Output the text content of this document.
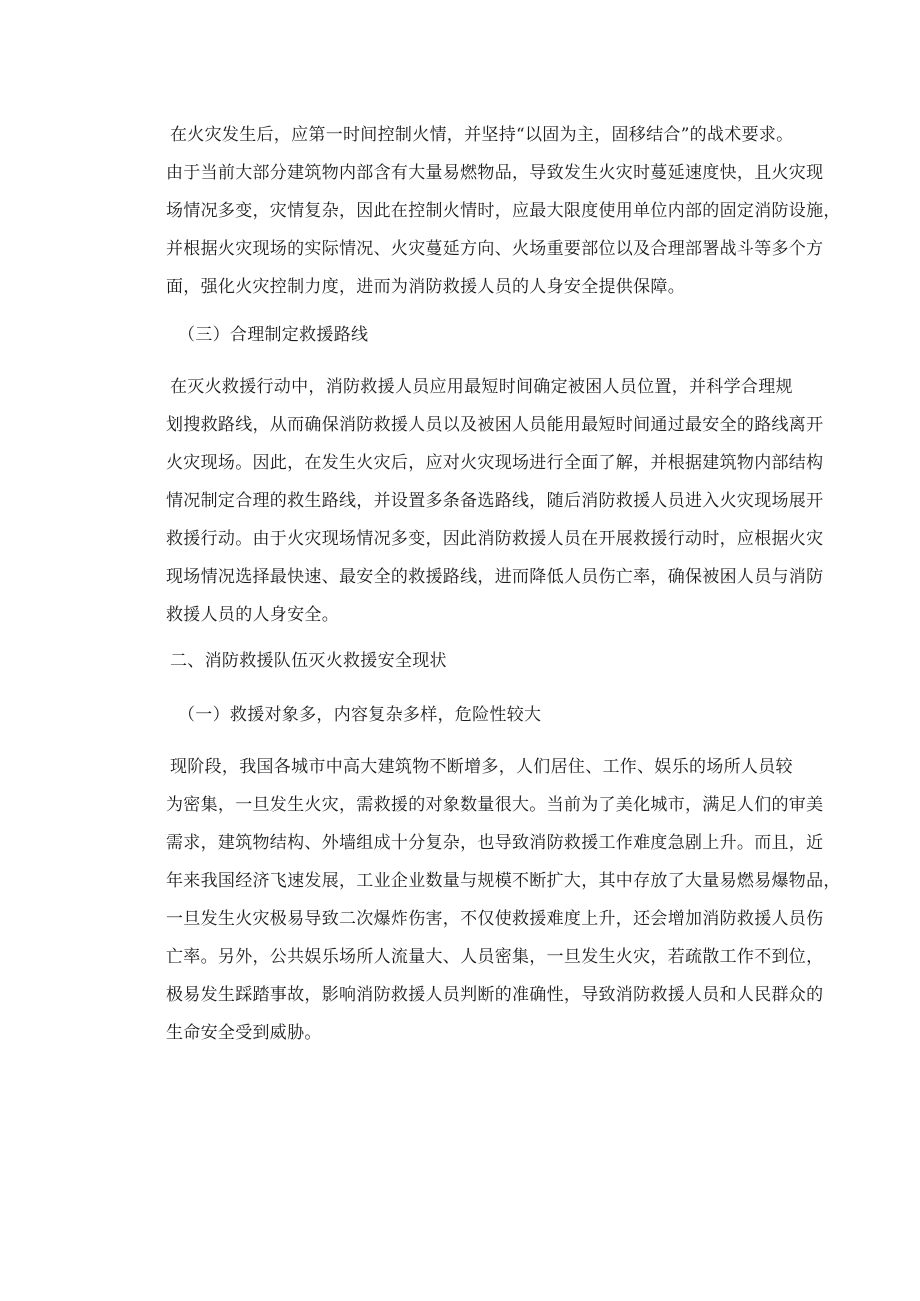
在火灾发生后，应第一时间控制火情，并坚持“以固为主，固移结合”的战术要求。
由于当前大部分建筑物内部含有大量易燃物品，导致发生火灾时蔓延速度快，且火灾现
场情况多变，灾情复杂，因此在控制火情时，应最大限度使用单位内部的固定消防设施，
并根据火灾现场的实际情况、火灾蔓延方向、火场重要部位以及合理部署战斗等多个方
面，强化火灾控制力度，进而为消防救援人员的人身安全提供保障。
（三）合理制定救援路线
在灭火救援行动中，消防救援人员应用最短时间确定被困人员位置，并科学合理规
划搜救路线，从而确保消防救援人员以及被困人员能用最短时间通过最安全的路线离开
火灾现场。因此，在发生火灾后，应对火灾现场进行全面了解，并根据建筑物内部结构
情况制定合理的救生路线，并设置多条备选路线，随后消防救援人员进入火灾现场展开
救援行动。由于火灾现场情况多变，因此消防救援人员在开展救援行动时，应根据火灾
现场情况选择最快速、最安全的救援路线，进而降低人员伤亡率，确保被困人员与消防
救援人员的人身安全。
二、消防救援队伍灭火救援安全现状
（一）救援对象多，内容复杂多样，危险性较大
现阶段，我国各城市中高大建筑物不断增多，人们居住、工作、娱乐的场所人员较
为密集，一旦发生火灾，需救援的对象数量很大。当前为了美化城市，满足人们的审美
需求，建筑物结构、外墙组成十分复杂，也导致消防救援工作难度急剧上升。而且，近
年来我国经济飞速发展，工业企业数量与规模不断扩大，其中存放了大量易燃易爆物品，
一旦发生火灾极易导致二次爆炸伤害，不仅使救援难度上升，还会增加消防救援人员伤
亡率。另外，公共娱乐场所人流量大、人员密集，一旦发生火灾，若疏散工作不到位，
极易发生踩踏事故，影响消防救援人员判断的准确性，导致消防救援人员和人民群众的
生命安全受到威胁。
